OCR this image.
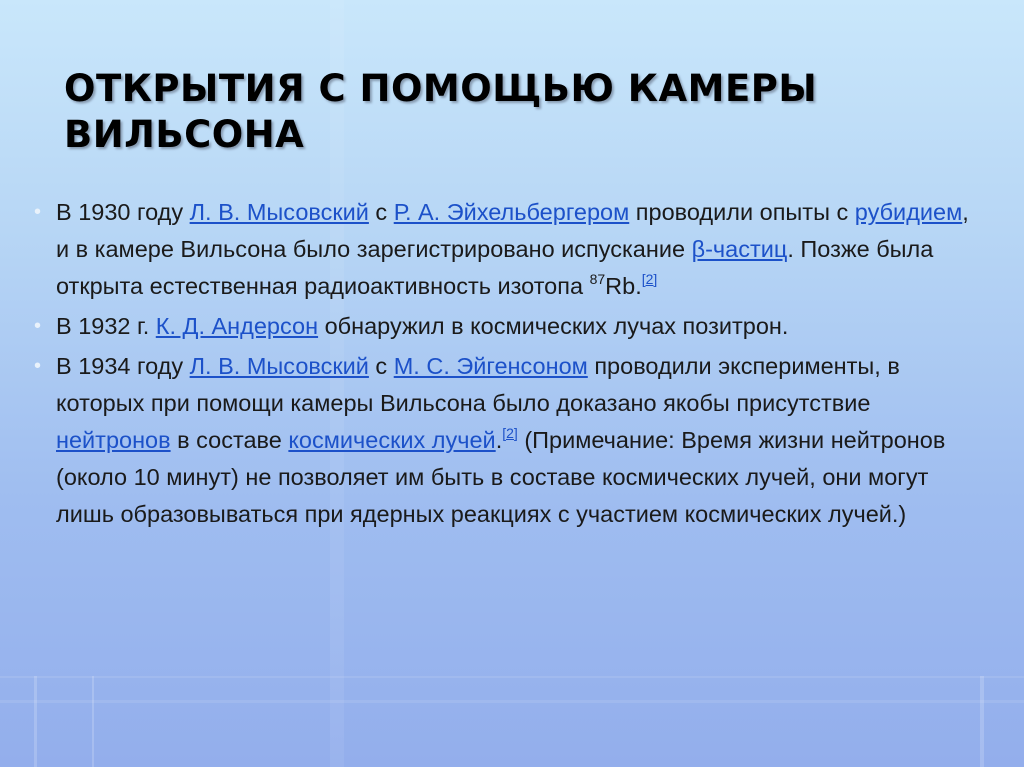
ОТКРЫТИЯ С ПОМОЩЬЮ КАМЕРЫ
ВИЛЬСОНА

• В 1930 году Л. В. Мысовский с Р. А. Эйхельбергером проводили опыты с рубидием, и в камере Вильсона было зарегистрировано испускание β-частиц. Позже была открыта естественная радиоактивность изотопа $^{87}$Rb.[2]

• В 1932 г. К. Д. Андерсон обнаружил в космических лучах позитрон.

• В 1934 году Л. В. Мысовский с М. С. Эйгенсоном проводили эксперименты, в которых при помощи камеры Вильсона было доказано якобы присутствие нейтронов в составе космических лучей.[2] (Примечание: Время жизни нейтронов (около 10 минут) не позволяет им быть в составе космических лучей, они могут лишь образовываться при ядерных реакциях с участием космических лучей.)
